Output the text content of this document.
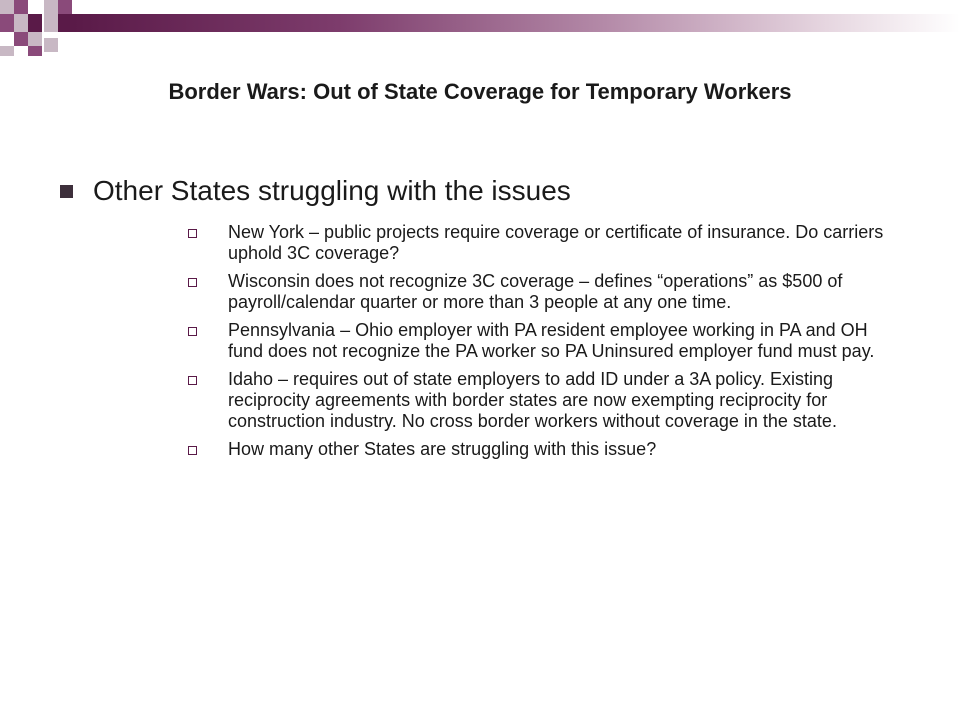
Border Wars: Out of State Coverage for Temporary Workers
Other States struggling with the issues
New York – public projects require coverage or certificate of insurance. Do carriers uphold 3C coverage?
Wisconsin does not recognize 3C coverage – defines “operations” as $500 of payroll/calendar quarter or more than 3 people at any one time.
Pennsylvania – Ohio employer with PA resident employee working in PA and OH fund does not recognize the PA worker so PA Uninsured employer fund must pay.
Idaho – requires out of state employers to add ID under a 3A policy. Existing reciprocity agreements with border states are now exempting reciprocity for construction industry. No cross border workers without coverage in the state.
How many other States are struggling with this issue?
